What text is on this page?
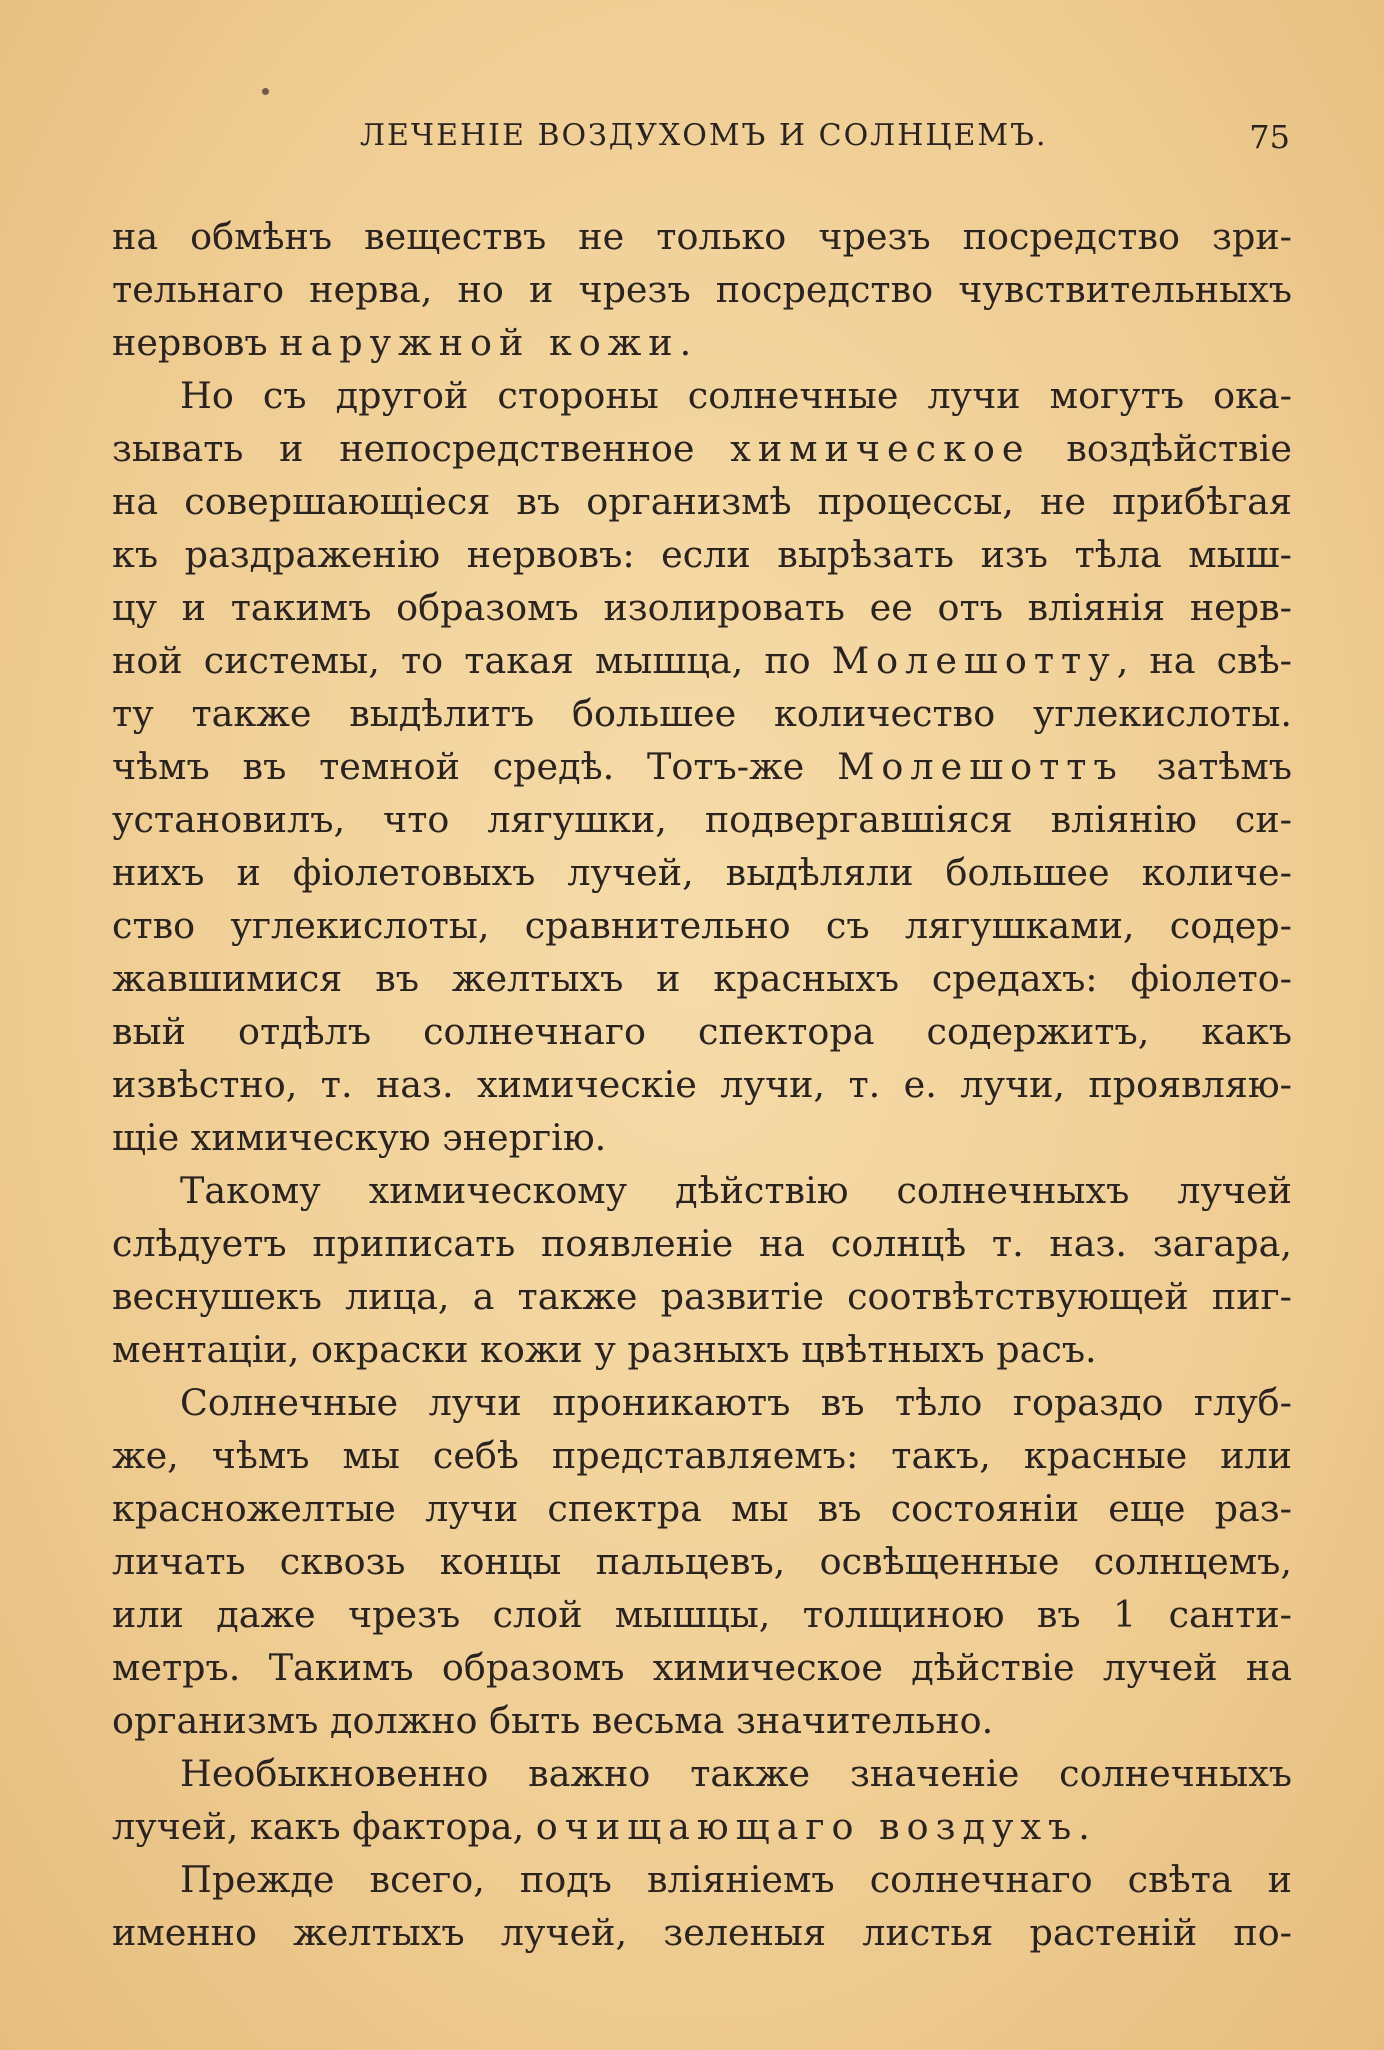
ЛЕЧЕНІЕ ВОЗДУХОМЪ И СОЛНЦЕМЪ.	75
на обмѣнъ веществъ не только чрезъ посредство зри-
тельнаго нерва, но и чрезъ посредство чувствительныхъ
нервовъ наружной кожи.
Но съ другой стороны солнечные лучи могутъ ока-
зывать и непосредственное химическое воздѣйствіе
на совершающіеся въ организмѣ процессы, не прибѣгая
къ раздраженію нервовъ: если вырѣзать изъ тѣла мыш-
цу и такимъ образомъ изолировать ее отъ вліянія нерв-
ной системы, то такая мышца, по Молешотту, на свѣ-
ту также выдѣлитъ большее количество углекислоты.
чѣмъ въ темной средѣ. Тотъ-же Молешоттъ затѣмъ
установилъ, что лягушки, подвергавшіяся вліянію си-
нихъ и фіолетовыхъ лучей, выдѣляли большее количе-
ство углекислоты, сравнительно съ лягушками, содер-
жавшимися въ желтыхъ и красныхъ средахъ: фіолето-
вый отдѣлъ солнечнаго спектора содержитъ, какъ
извѣстно, т. наз. химическіе лучи, т. е. лучи, проявляю-
щіе химическую энергію.
Такому химическому дѣйствію солнечныхъ лучей
слѣдуетъ приписать появленіе на солнцѣ т. наз. загара,
веснушекъ лица, а также развитіе соотвѣтствующей пиг-
ментаціи, окраски кожи у разныхъ цвѣтныхъ расъ.
Солнечные лучи проникаютъ въ тѣло гораздо глуб-
же, чѣмъ мы себѣ представляемъ: такъ, красные или
красножелтые лучи спектра мы въ состояніи еще раз-
личать сквозь концы пальцевъ, освѣщенные солнцемъ,
или даже чрезъ слой мышцы, толщиною въ 1 санти-
метръ. Такимъ образомъ химическое дѣйствіе лучей на
организмъ должно быть весьма значительно.
Необыкновенно важно также значеніе солнечныхъ
лучей, какъ фактора, очищающаго воздухъ.
Прежде всего, подъ вліяніемъ солнечнаго свѣта и
именно желтыхъ лучей, зеленыя листья растеній по-
